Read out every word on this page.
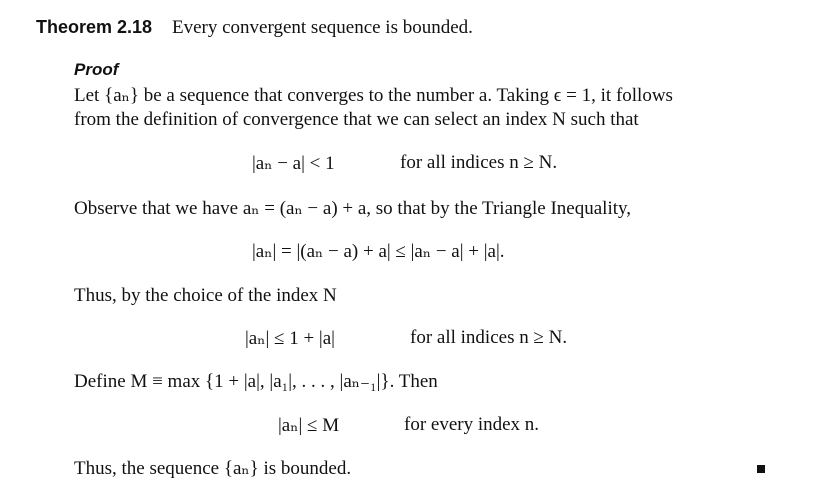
Theorem 2.18 Every convergent sequence is bounded.
Proof
Let {aₙ} be a sequence that converges to the number a. Taking ϵ = 1, it follows
from the definition of convergence that we can select an index N such that
|aₙ − a| < 1	for all indices n ≥ N.
Observe that we have aₙ = (aₙ − a) + a, so that by the Triangle Inequality,
|aₙ| = |(aₙ − a) + a| ≤ |aₙ − a| + |a|.
Thus, by the choice of the index N
|aₙ| ≤ 1 + |a|	for all indices n ≥ N.
Define M ≡ max {1 + |a|, |a₁|, . . . , |aₙ₋₁|}. Then
|aₙ| ≤ M	for every index n.
Thus, the sequence {aₙ} is bounded.
